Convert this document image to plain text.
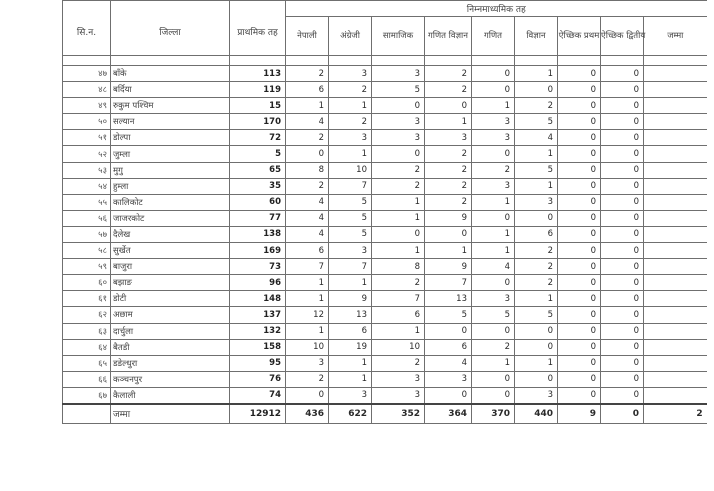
सि.न.	जिल्ला	प्राथमिक तह	निम्नमाध्यमिक तह								
			नेपाली	अंग्रेजी	सामाजिक	गणित विज्ञान	गणित	विज्ञान	ऐच्छिक प्रथम	ऐच्छिक द्वितीय	जम्मा

४७	बाँके	113	2	3	3	2	0	1	0	0	
४८	बर्दिया	119	6	2	5	2	0	0	0	0	
४९	रुकुम पश्चिम	15	1	1	0	0	1	2	0	0	
५०	सल्यान	170	4	2	3	1	3	5	0	0	
५१	डोल्पा	72	2	3	3	3	3	4	0	0	
५२	जुम्ला	5	0	1	0	2	0	1	0	0	
५३	मुगु	65	8	10	2	2	2	5	0	0	
५४	हुम्ला	35	2	7	2	2	3	1	0	0	
५५	कालिकोट	60	4	5	1	2	1	3	0	0	
५६	जाजरकोट	77	4	5	1	9	0	0	0	0	
५७	दैलेख	138	4	5	0	0	1	6	0	0	
५८	सुर्खेत	169	6	3	1	1	1	2	0	0	
५९	बाजुरा	73	7	7	8	9	4	2	0	0	
६०	बझाङ	96	1	1	2	7	0	2	0	0	
६१	डोटी	148	1	9	7	13	3	1	0	0	
६२	अछाम	137	12	13	6	5	5	5	0	0	
६३	दार्चुला	132	1	6	1	0	0	0	0	0	
६४	बैतडी	158	10	19	10	6	2	0	0	0	
६५	डडेल्धुरा	95	3	1	2	4	1	1	0	0	
६६	कञ्चनपुर	76	2	1	3	3	0	0	0	0	
६७	कैलाली	74	0	3	3	0	0	3	0	0	
	जम्मा	12912	436	622	352	364	370	440	9	0	2
